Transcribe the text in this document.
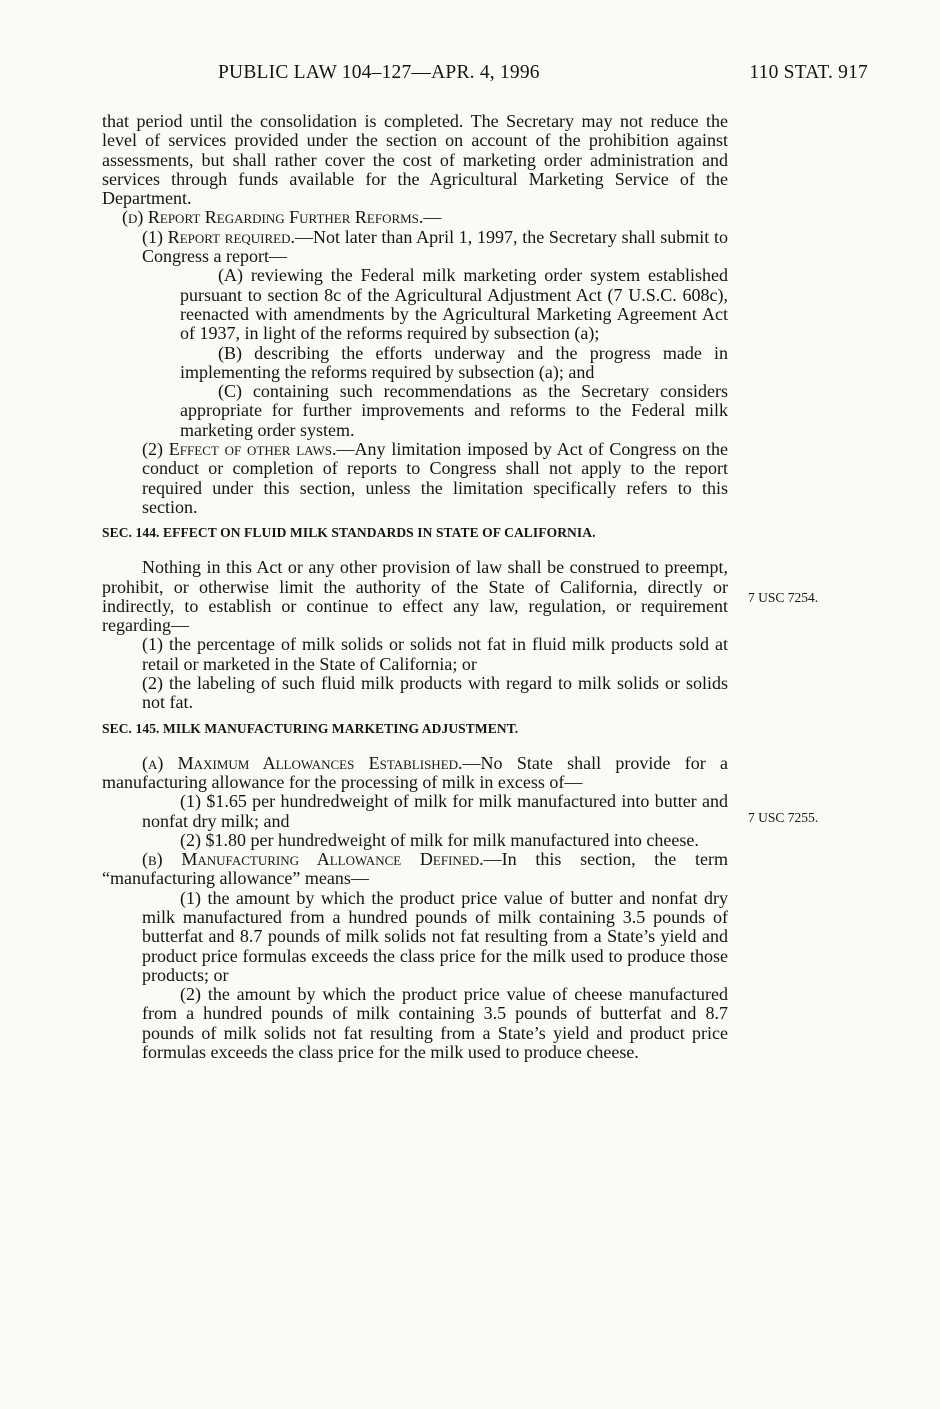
PUBLIC LAW 104–127—APR. 4, 1996	110 STAT. 917
7 USC 7254.
7 USC 7255.

that period until the consolidation is completed. The Secretary may not reduce the level of services provided under the section on account of the prohibition against assessments, but shall rather cover the cost of marketing order administration and services through funds available for the Agricultural Marketing Service of the Department.

(d) Report Regarding Further Reforms.—

(1) Report required.—Not later than April 1, 1997, the Secretary shall submit to Congress a report—

(A) reviewing the Federal milk marketing order system established pursuant to section 8c of the Agricultural Adjustment Act (7 U.S.C. 608c), reenacted with amendments by the Agricultural Marketing Agreement Act of 1937, in light of the reforms required by subsection (a);

(B) describing the efforts underway and the progress made in implementing the reforms required by subsection (a); and

(C) containing such recommendations as the Secretary considers appropriate for further improvements and reforms to the Federal milk marketing order system.

(2) Effect of other laws.—Any limitation imposed by Act of Congress on the conduct or completion of reports to Congress shall not apply to the report required under this section, unless the limitation specifically refers to this section.

SEC. 144. EFFECT ON FLUID MILK STANDARDS IN STATE OF CALIFORNIA.

Nothing in this Act or any other provision of law shall be construed to preempt, prohibit, or otherwise limit the authority of the State of California, directly or indirectly, to establish or continue to effect any law, regulation, or requirement regarding—

(1) the percentage of milk solids or solids not fat in fluid milk products sold at retail or marketed in the State of California; or

(2) the labeling of such fluid milk products with regard to milk solids or solids not fat.

SEC. 145. MILK MANUFACTURING MARKETING ADJUSTMENT.

(a) Maximum Allowances Established.—No State shall provide for a manufacturing allowance for the processing of milk in excess of—

(1) $1.65 per hundredweight of milk for milk manufactured into butter and nonfat dry milk; and

(2) $1.80 per hundredweight of milk for milk manufactured into cheese.

(b) Manufacturing Allowance Defined.—In this section, the term “manufacturing allowance” means—

(1) the amount by which the product price value of butter and nonfat dry milk manufactured from a hundred pounds of milk containing 3.5 pounds of butterfat and 8.7 pounds of milk solids not fat resulting from a State’s yield and product price formulas exceeds the class price for the milk used to produce those products; or

(2) the amount by which the product price value of cheese manufactured from a hundred pounds of milk containing 3.5 pounds of butterfat and 8.7 pounds of milk solids not fat resulting from a State’s yield and product price formulas exceeds the class price for the milk used to produce cheese.
